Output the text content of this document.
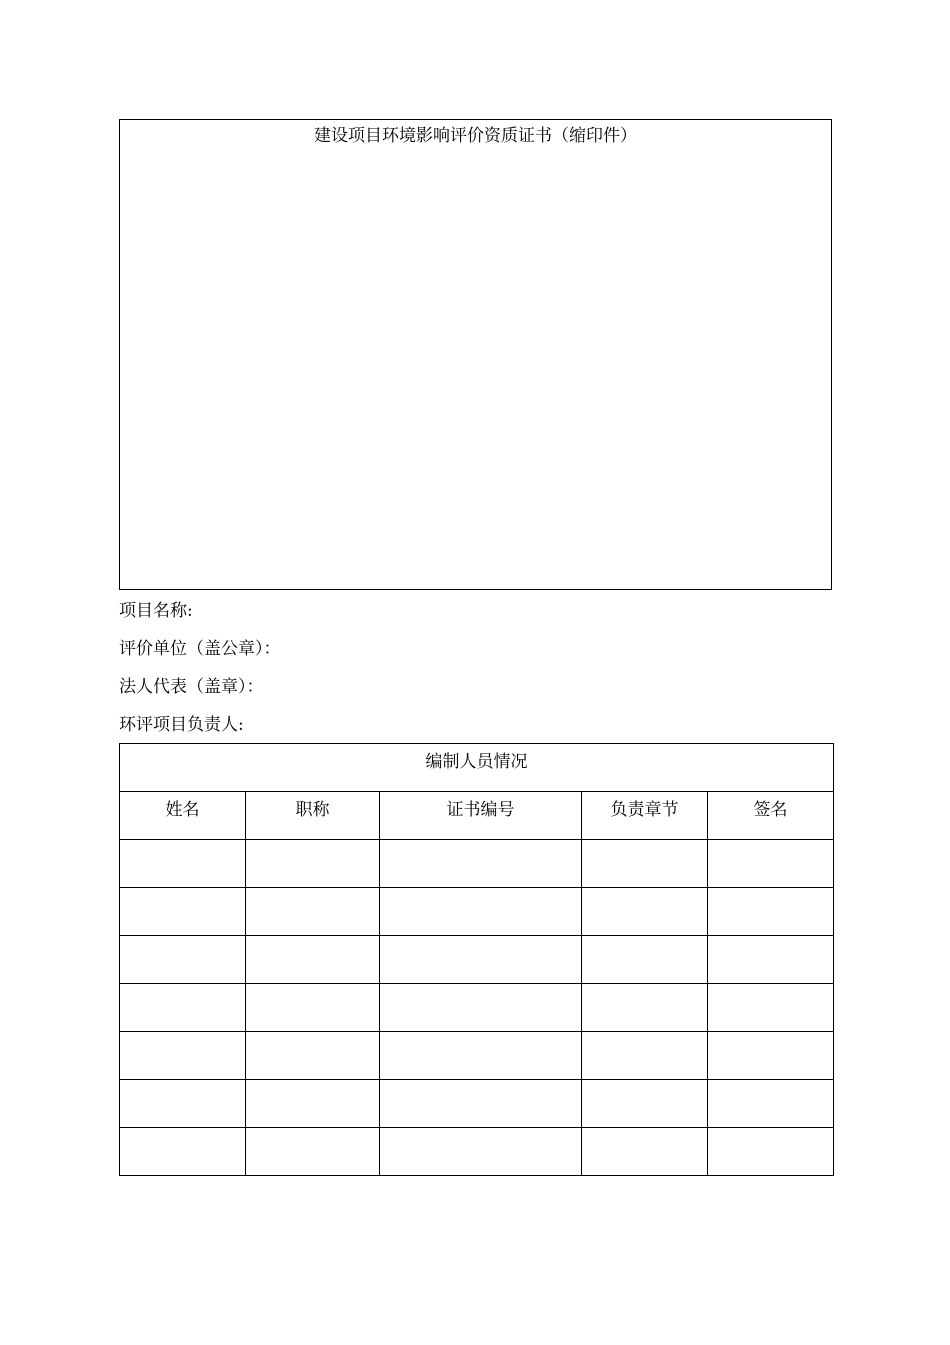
建设项目环境影响评价资质证书（缩印件）
项目名称:
评价单位（盖公章）：
法人代表（盖章）：
环评项目负责人:
编制人员情况				

姓名	职称	证书编号	负责章节	签名
